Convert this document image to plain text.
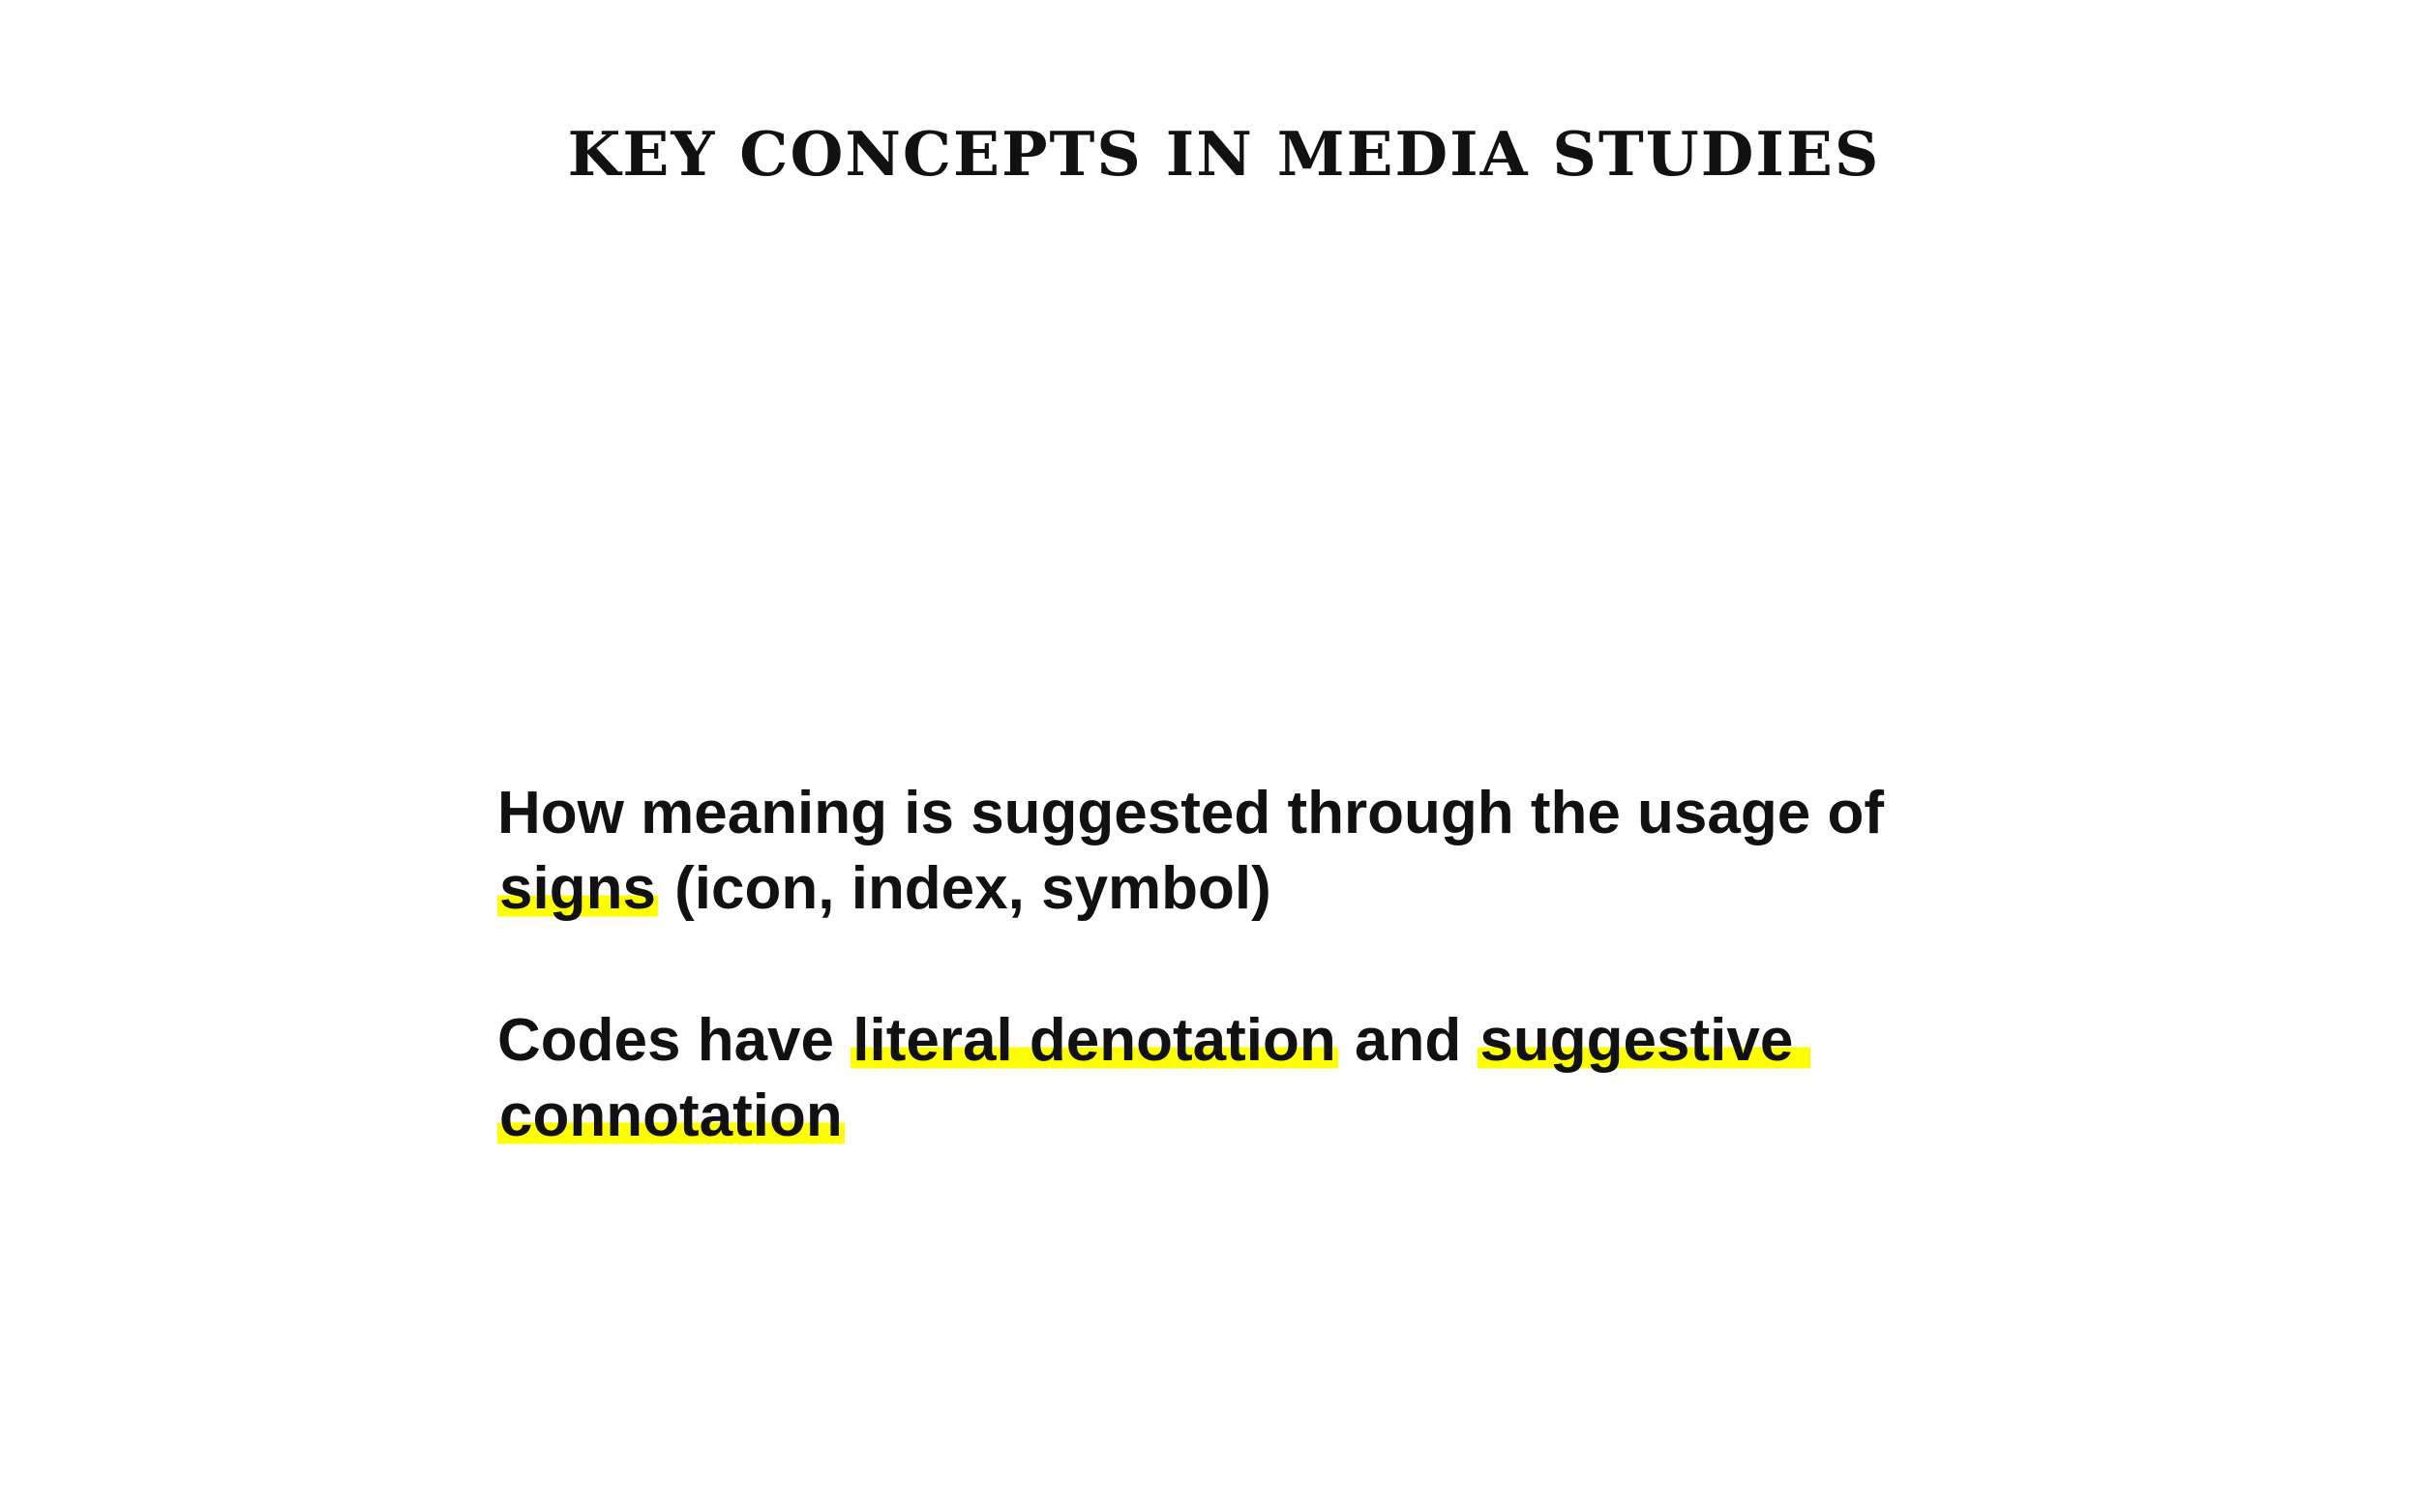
KEY CONCEPTS IN MEDIA STUDIES

How meaning is suggested through the usage of
signs (icon, index, symbol)

Codes have literal denotation and suggestive
connotation
